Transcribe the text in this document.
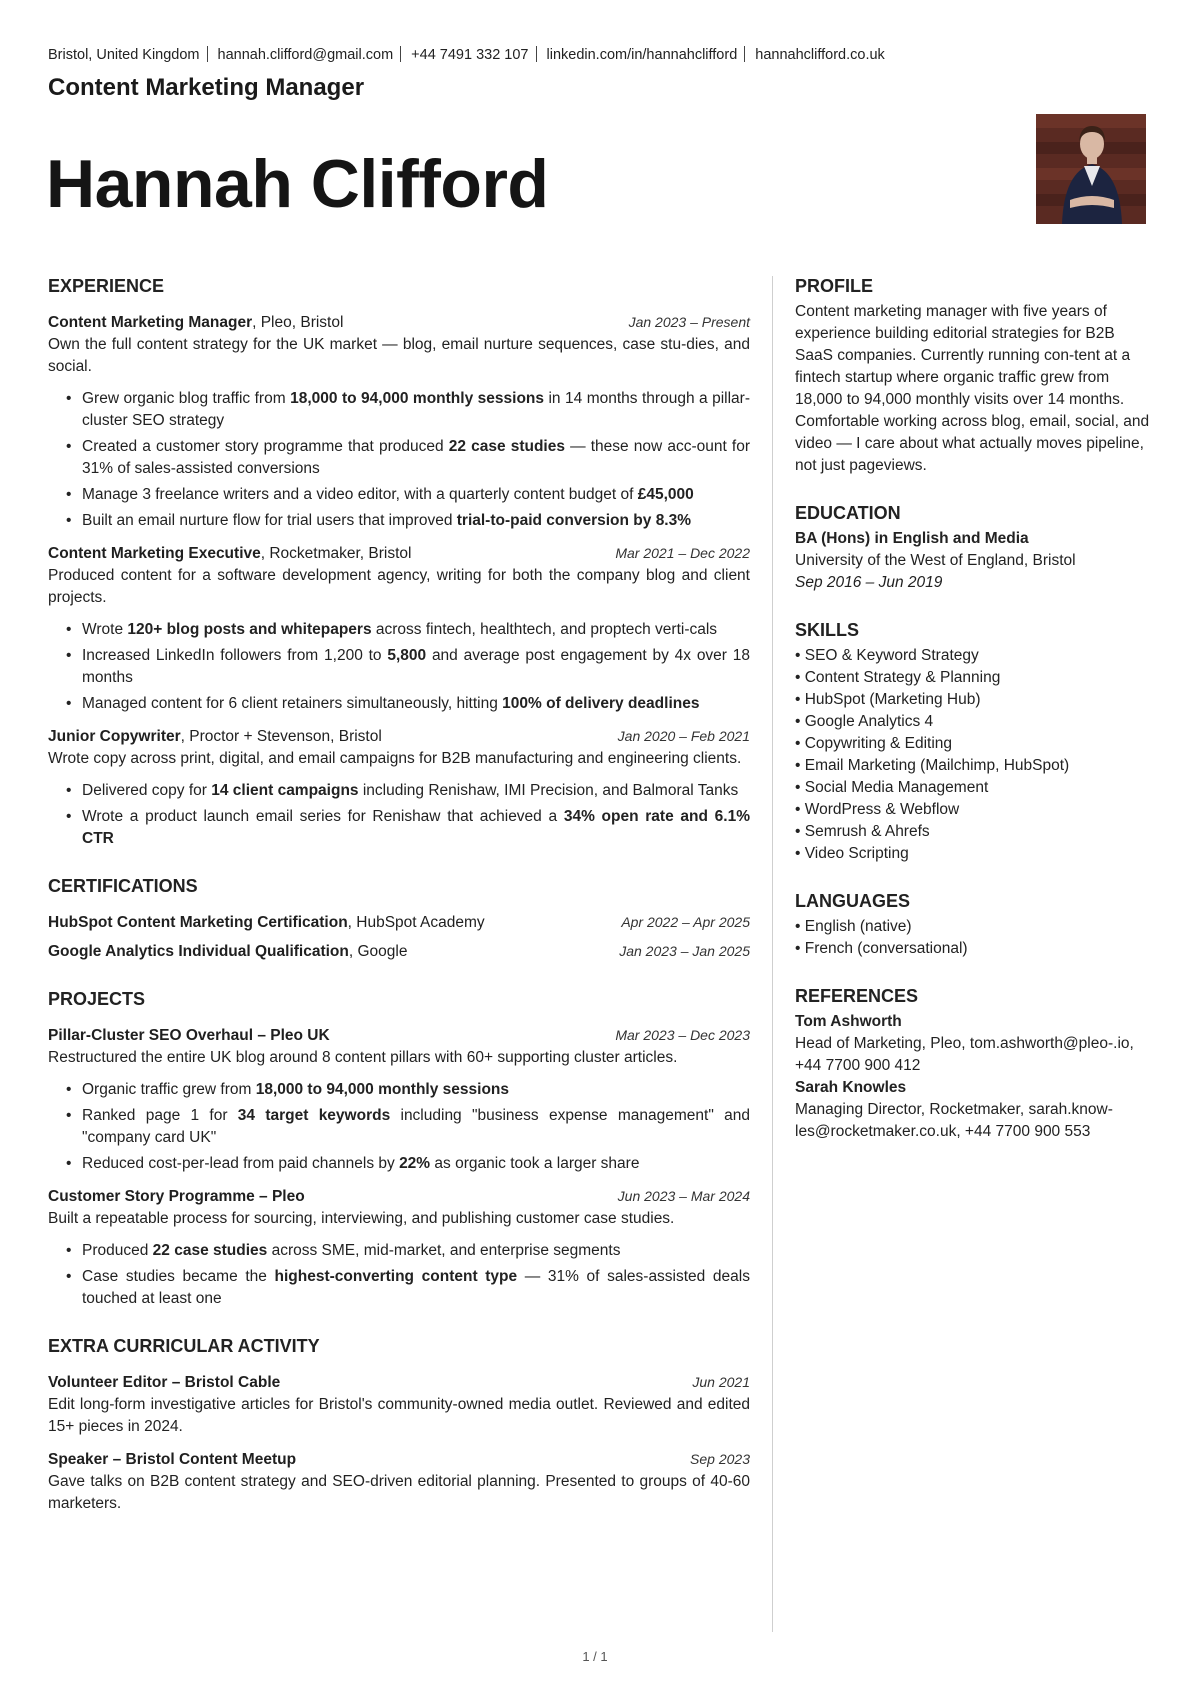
Bristol, United Kingdom hannah.clifford@gmail.com +44 7491 332 107 linkedin.com/in/hannahclifford hannahclifford.co.uk
Content Marketing Manager
Hannah Clifford
EXPERIENCE
Content Marketing Manager, Pleo, Bristol	Jan 2023 – Present
Own the full content strategy for the UK market — blog, email nurture sequences, case stu-dies, and social.
• Grew organic blog traffic from 18,000 to 94,000 monthly sessions in 14 months through a pillar-cluster SEO strategy
• Created a customer story programme that produced 22 case studies — these now acc-ount for 31% of sales-assisted conversions
• Manage 3 freelance writers and a video editor, with a quarterly content budget of £45,000
• Built an email nurture flow for trial users that improved trial-to-paid conversion by 8.3%
Content Marketing Executive, Rocketmaker, Bristol	Mar 2021 – Dec 2022
Produced content for a software development agency, writing for both the company blog and client projects.
• Wrote 120+ blog posts and whitepapers across fintech, healthtech, and proptech verti-cals
• Increased LinkedIn followers from 1,200 to 5,800 and average post engagement by 4x over 18 months
• Managed content for 6 client retainers simultaneously, hitting 100% of delivery deadlines
Junior Copywriter, Proctor + Stevenson, Bristol	Jan 2020 – Feb 2021
Wrote copy across print, digital, and email campaigns for B2B manufacturing and engineering clients.
• Delivered copy for 14 client campaigns including Renishaw, IMI Precision, and Balmoral Tanks
• Wrote a product launch email series for Renishaw that achieved a 34% open rate and 6.1% CTR
CERTIFICATIONS
HubSpot Content Marketing Certification, HubSpot Academy	Apr 2022 – Apr 2025
Google Analytics Individual Qualification, Google	Jan 2023 – Jan 2025
PROJECTS
Pillar-Cluster SEO Overhaul – Pleo UK	Mar 2023 – Dec 2023
Restructured the entire UK blog around 8 content pillars with 60+ supporting cluster articles.
• Organic traffic grew from 18,000 to 94,000 monthly sessions
• Ranked page 1 for 34 target keywords including "business expense management" and "company card UK"
• Reduced cost-per-lead from paid channels by 22% as organic took a larger share
Customer Story Programme – Pleo	Jun 2023 – Mar 2024
Built a repeatable process for sourcing, interviewing, and publishing customer case studies.
• Produced 22 case studies across SME, mid-market, and enterprise segments
• Case studies became the highest-converting content type — 31% of sales-assisted deals touched at least one
EXTRA CURRICULAR ACTIVITY
Volunteer Editor – Bristol Cable	Jun 2021
Edit long-form investigative articles for Bristol's community-owned media outlet. Reviewed and edited 15+ pieces in 2024.
Speaker – Bristol Content Meetup	Sep 2023
Gave talks on B2B content strategy and SEO-driven editorial planning. Presented to groups of 40-60 marketers.
PROFILE
Content marketing manager with five years of experience building editorial strategies for B2B SaaS companies. Currently running con-tent at a fintech startup where organic traffic grew from 18,000 to 94,000 monthly visits over 14 months. Comfortable working across blog, email, social, and video — I care about what actually moves pipeline, not just pageviews.
EDUCATION
BA (Hons) in English and Media
University of the West of England, Bristol
Sep 2016 – Jun 2019
SKILLS
• SEO & Keyword Strategy
• Content Strategy & Planning
• HubSpot (Marketing Hub)
• Google Analytics 4
• Copywriting & Editing
• Email Marketing (Mailchimp, HubSpot)
• Social Media Management
• WordPress & Webflow
• Semrush & Ahrefs
• Video Scripting
LANGUAGES
• English (native)
• French (conversational)
REFERENCES
Tom Ashworth
Head of Marketing, Pleo, tom.ashworth@pleo-.io, +44 7700 900 412
Sarah Knowles
Managing Director, Rocketmaker, sarah.know-les@rocketmaker.co.uk, +44 7700 900 553
1 / 1
